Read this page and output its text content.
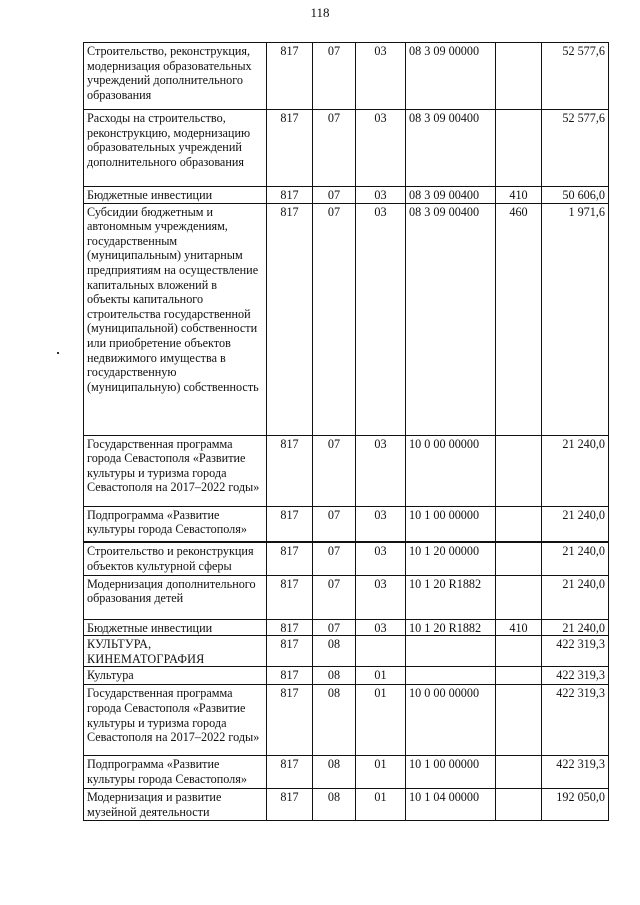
118
Строительство, реконструкция, модернизация образовательных учреждений дополнительного образования	817	07	03	08 3 09 00000		52 577,6
Расходы на строительство, реконструкцию, модернизацию образовательных учреждений дополнительного образования	817	07	03	08 3 09 00400		52 577,6
Бюджетные инвестиции	817	07	03	08 3 09 00400	410	50 606,0
Субсидии бюджетным и автономным учреждениям, государственным (муниципальным) унитарным предприятиям на осуществление капитальных вложений в объекты капитального строительства государственной (муниципальной) собственности или приобретение объектов недвижимого имущества в государственную (муниципальную) собственность	817	07	03	08 3 09 00400	460	1 971,6
Государственная программа города Севастополя «Развитие культуры и туризма города Севастополя на 2017–2022 годы»	817	07	03	10 0 00 00000		21 240,0
Подпрограмма «Развитие культуры города Севастополя»	817	07	03	10 1 00 00000		21 240,0
Строительство и реконструкция объектов культурной сферы	817	07	03	10 1 20 00000		21 240,0
Модернизация дополнительного образования детей	817	07	03	10 1 20 R1882		21 240,0
Бюджетные инвестиции	817	07	03	10 1 20 R1882	410	21 240,0
КУЛЬТУРА, КИНЕМАТОГРАФИЯ	817	08				422 319,3
Культура	817	08	01			422 319,3
Государственная программа города Севастополя «Развитие культуры и туризма города Севастополя на 2017–2022 годы»	817	08	01	10 0 00 00000		422 319,3
Подпрограмма «Развитие культуры города Севастополя»	817	08	01	10 1 00 00000		422 319,3
Модернизация и развитие музейной деятельности	817	08	01	10 1 04 00000		192 050,0
